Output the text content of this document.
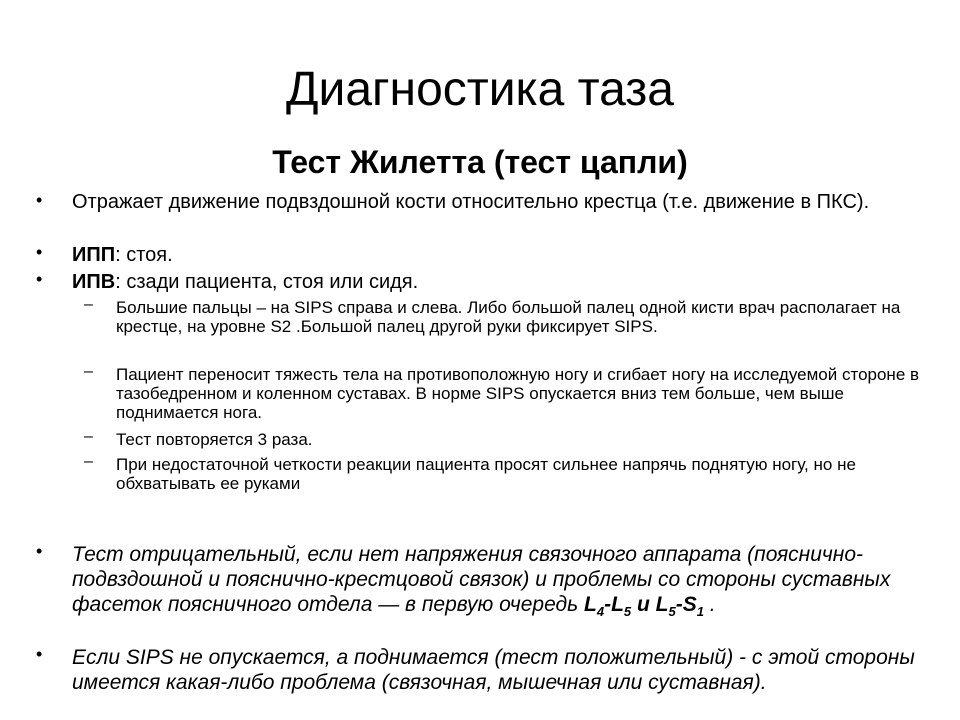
Диагностика таза
Тест Жилетта (тест цапли)
• Отражает движение подвздошной кости относительно крестца (т.е. движение в ПКС).
• ИПП: стоя.
• ИПВ: сзади пациента, стоя или сидя.
– Большие пальцы – на SIPS справа и слева. Либо большой палец одной кисти врач располагает на крестце, на уровне S2 .Большой палец другой руки фиксирует SIPS.
– Пациент переносит тяжесть тела на противоположную ногу и сгибает ногу на исследуемой стороне в тазобедренном и коленном суставах. В норме SIPS опускается вниз тем больше, чем выше поднимается нога.
– Тест повторяется 3 раза.
– При недостаточной четкости реакции пациента просят сильнее напрячь поднятую ногу, но не обхватывать ее руками
• Тест отрицательный, если нет напряжения связочного аппарата (пояснично-подвздошной и пояснично-крестцовой связок) и проблемы со стороны суставных фасеток поясничного отдела — в первую очередь $L_4-L_5$ и $L_5-S_1$ .
• Если SIPS не опускается, а поднимается (тест положительный) - с этой стороны имеется какая-либо проблема (связочная, мышечная или суставная).
